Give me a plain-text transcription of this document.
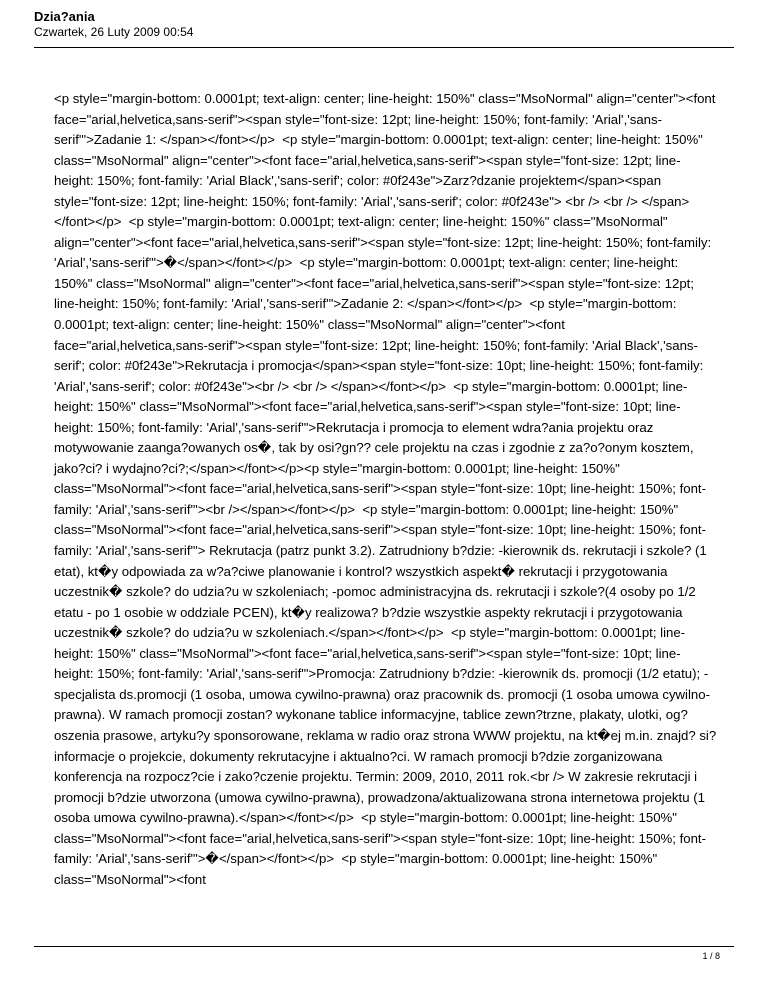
Dzia?ania
Czwartek, 26 Luty 2009 00:54
<p style="margin-bottom: 0.0001pt; text-align: center; line-height: 150%" class="MsoNormal" align="center"><font face="arial,helvetica,sans-serif"><span style="font-size: 12pt; line-height: 150%; font-family: 'Arial','sans-serif'">Zadanie 1: </span></font></p>  <p style="margin-bottom: 0.0001pt; text-align: center; line-height: 150%" class="MsoNormal" align="center"><font face="arial,helvetica,sans-serif"><span style="font-size: 12pt; line-height: 150%; font-family: 'Arial Black','sans-serif'; color: #0f243e">Zarz?dzanie projektem</span><span style="font-size: 12pt; line-height: 150%; font-family: 'Arial','sans-serif'; color: #0f243e"> <br /> <br /> </span></font></p>  <p style="margin-bottom: 0.0001pt; text-align: center; line-height: 150%" class="MsoNormal" align="center"><font face="arial,helvetica,sans-serif"><span style="font-size: 12pt; line-height: 150%; font-family: 'Arial','sans-serif'">�</span></font></p>  <p style="margin-bottom: 0.0001pt; text-align: center; line-height: 150%" class="MsoNormal" align="center"><font face="arial,helvetica,sans-serif"><span style="font-size: 12pt; line-height: 150%; font-family: 'Arial','sans-serif'">Zadanie 2: </span></font></p>  <p style="margin-bottom: 0.0001pt; text-align: center; line-height: 150%" class="MsoNormal" align="center"><font face="arial,helvetica,sans-serif"><span style="font-size: 12pt; line-height: 150%; font-family: 'Arial Black','sans-serif'; color: #0f243e">Rekrutacja i promocja</span><span style="font-size: 10pt; line-height: 150%; font-family: 'Arial','sans-serif'; color: #0f243e"><br /> <br /> </span></font></p>  <p style="margin-bottom: 0.0001pt; line-height: 150%" class="MsoNormal"><font face="arial,helvetica,sans-serif"><span style="font-size: 10pt; line-height: 150%; font-family: 'Arial','sans-serif'">Rekrutacja i promocja to element wdra?ania projektu oraz motywowanie zaanga?owanych os�, tak by osi?gn?? cele projektu na czas i zgodnie z za?o?onym kosztem, jako?ci? i wydajno?ci?;</span></font></p><p style="margin-bottom: 0.0001pt; line-height: 150%" class="MsoNormal"><font face="arial,helvetica,sans-serif"><span style="font-size: 10pt; line-height: 150%; font-family: 'Arial','sans-serif'"><br /></span></font></p>  <p style="margin-bottom: 0.0001pt; line-height: 150%" class="MsoNormal"><font face="arial,helvetica,sans-serif"><span style="font-size: 10pt; line-height: 150%; font-family: 'Arial','sans-serif'"> Rekrutacja (patrz punkt 3.2). Zatrudniony b?dzie: -kierownik ds. rekrutacji i szkole? (1 etat), kt�y odpowiada za w?a?ciwe planowanie i kontrol? wszystkich aspekt� rekrutacji i przygotowania uczestnik� szkole? do udzia?u w szkoleniach; -pomoc administracyjna ds. rekrutacji i szkole?(4 osoby po 1/2 etatu - po 1 osobie w oddziale PCEN), kt�y realizowa? b?dzie wszystkie aspekty rekrutacji i przygotowania uczestnik� szkole? do udzia?u w szkoleniach.</span></font></p>  <p style="margin-bottom: 0.0001pt; line-height: 150%" class="MsoNormal"><font face="arial,helvetica,sans-serif"><span style="font-size: 10pt; line-height: 150%; font-family: 'Arial','sans-serif'">Promocja: Zatrudniony b?dzie: -kierownik ds. promocji (1/2 etatu); -specjalista ds.promocji (1 osoba, umowa cywilno-prawna) oraz pracownik ds. promocji (1 osoba umowa cywilno-prawna). W ramach promocji zostan? wykonane tablice informacyjne, tablice zewn?trzne, plakaty, ulotki, og?oszenia prasowe, artyku?y sponsorowane, reklama w radio oraz strona WWW projektu, na kt�ej m.in. znajd? si? informacje o projekcie, dokumenty rekrutacyjne i aktualno?ci. W ramach promocji b?dzie zorganizowana konferencja na rozpocz?cie i zako?czenie projektu. Termin: 2009, 2010, 2011 rok.<br /> W zakresie rekrutacji i promocji b?dzie utworzona (umowa cywilno-prawna), prowadzona/aktualizowana strona internetowa projektu (1 osoba umowa cywilno-prawna).</span></font></p>  <p style="margin-bottom: 0.0001pt; line-height: 150%" class="MsoNormal"><font face="arial,helvetica,sans-serif"><span style="font-size: 10pt; line-height: 150%; font-family: 'Arial','sans-serif'">�</span></font></p>  <p style="margin-bottom: 0.0001pt; line-height: 150%" class="MsoNormal"><font
1 / 8
